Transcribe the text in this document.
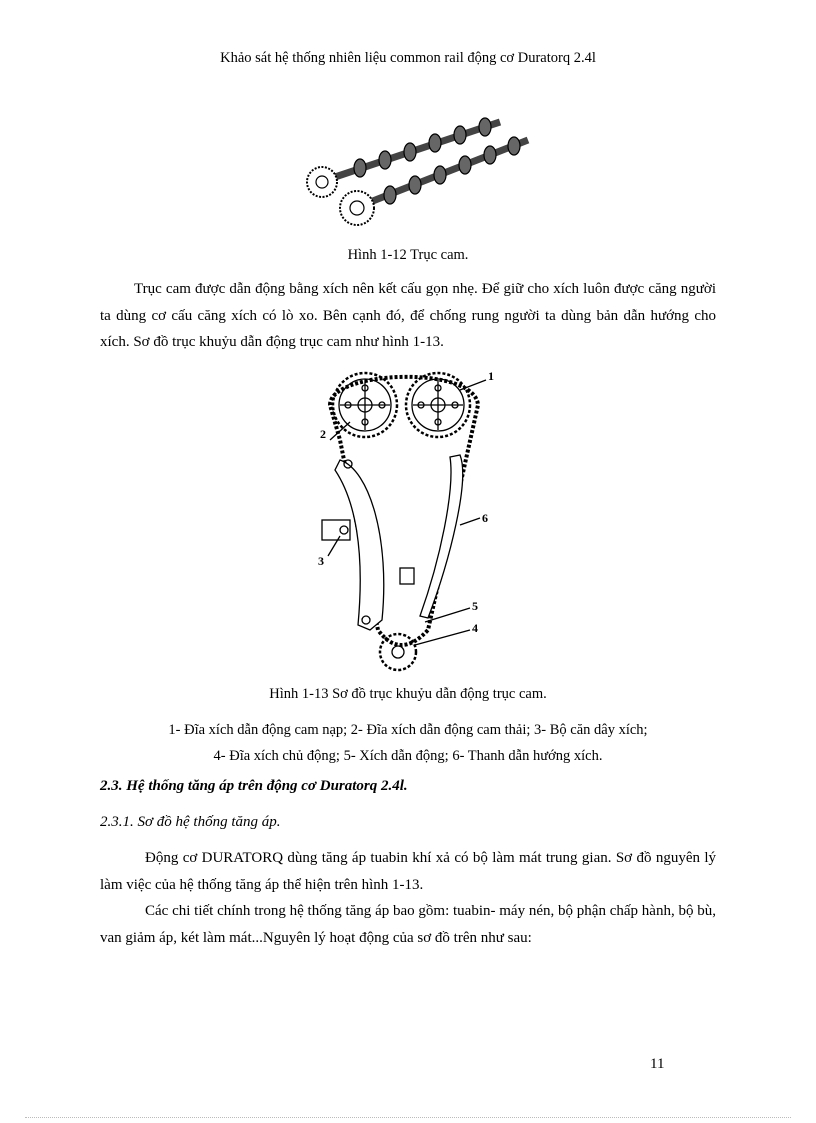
Khảo sát hệ thống nhiên liệu common rail động cơ Duratorq 2.4l
Hình 1-12 Trục cam.
Trục cam được dẫn động bằng xích nên kết cấu gọn nhẹ. Để giữ cho xích luôn được căng người ta dùng cơ cấu căng xích có lò xo. Bên cạnh đó, để chống rung người ta dùng bản dẫn hướng cho xích. Sơ đồ trục khuỷu dẫn động trục cam như hình 1-13.
1
2
3
4
5
6
Hình 1-13 Sơ đồ trục khuỷu dẫn động trục cam.
1- Đĩa xích dẫn động cam nạp; 2- Đĩa xích dẫn động cam thải; 3- Bộ căn dây xích;
4- Đĩa xích chủ động; 5- Xích dẫn động; 6- Thanh dẫn hướng xích.
2.3. Hệ thống tăng áp trên động cơ Duratorq 2.4l.
2.3.1. Sơ đồ hệ thống tăng áp.
Động cơ DURATORQ dùng tăng áp tuabin khí xả có bộ làm mát trung gian. Sơ đồ nguyên lý làm việc của hệ thống tăng áp thể hiện trên hình 1-13.
Các chi tiết chính trong hệ thống tăng áp bao gồm: tuabin- máy nén, bộ phận chấp hành, bộ bù, van giảm áp, két làm mát...Nguyên lý hoạt động của sơ đồ trên như sau:
11
